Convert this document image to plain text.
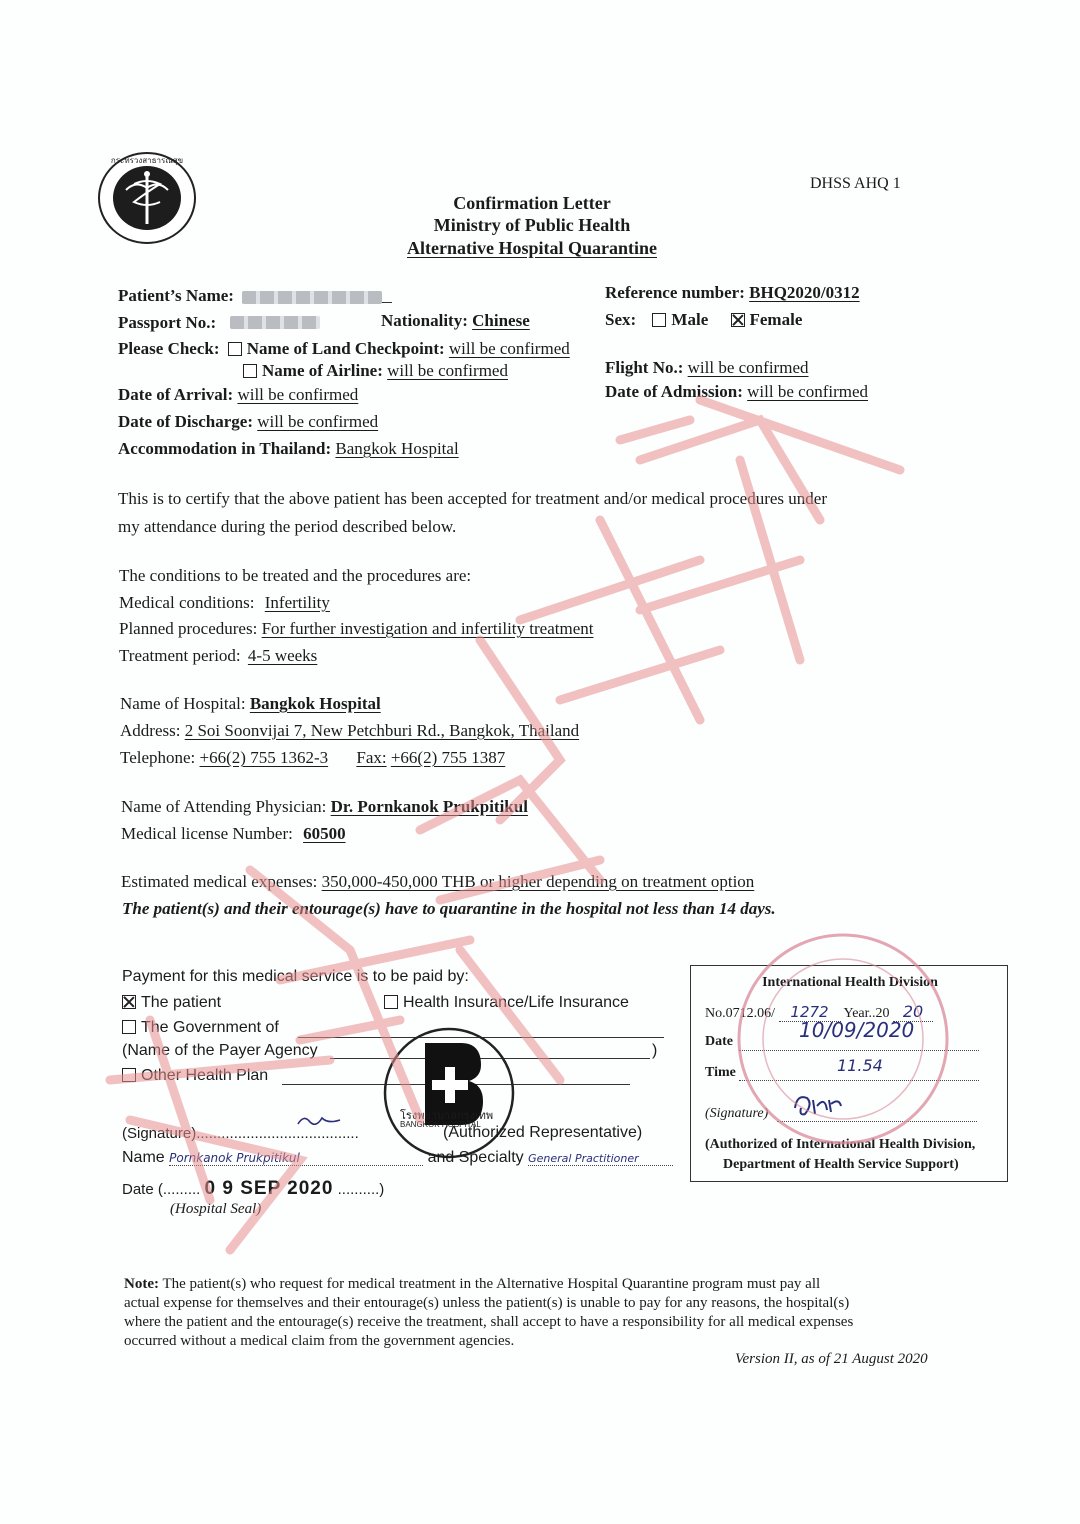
กระทรวงสาธารณสุข
DHSS AHQ 1
Confirmation Letter
Ministry of Public Health
Alternative Hospital Quarantine
Patient’s Name:
Passport No.:	Nationality: Chinese
Reference number: BHQ2020/0312
Sex: Male Female
Please Check: Name of Land Checkpoint: will be confirmed
Name of Airline: will be confirmed	Flight No.: will be confirmed
Date of Arrival: will be confirmed	Date of Admission: will be confirmed
Date of Discharge: will be confirmed
Accommodation in Thailand: Bangkok Hospital
This is to certify that the above patient has been accepted for treatment and/or medical procedures under
my attendance during the period described below.
The conditions to be treated and the procedures are:
Medical conditions: Infertility
Planned procedures: For further investigation and infertility treatment
Treatment period: 4-5 weeks
Name of Hospital: Bangkok Hospital
Address: 2 Soi Soonvijai 7, New Petchburi Rd., Bangkok, Thailand
Telephone: +66(2) 755 1362-3 Fax: +66(2) 755 1387
Name of Attending Physician: Dr. Pornkanok Prukpitikul
Medical license Number: 60500
Estimated medical expenses: 350,000-450,000 THB or higher depending on treatment option
The patient(s) and their entourage(s) have to quarantine in the hospital not less than 14 days.
Payment for this medical service is to be paid by:
The patient	Health Insurance/Life Insurance
The Government of
(Name of the Payer Agency	)
Other Health Plan
โรงพยาบาลกรุงเทพ
BANGKOK HOSPITAL
(Signature).......................................	(Authorized Representative)
Name Pornkanok Prukpitikul	and Specialty General Practitioner
Date (......... 0 9 SEP 2020 ..........)
(Hospital Seal)
International Health Division
No.0712.06/ 1272 Year..20 20
Date	10/09/2020
Time	11.54
(Signature)
(Authorized of International Health Division,
Department of Health Service Support)
Note: The patient(s) who request for medical treatment in the Alternative Hospital Quarantine program must pay all
actual expense for themselves and their entourage(s) unless the patient(s) is unable to pay for any reasons, the hospital(s)
where the patient and the entourage(s) receive the treatment, shall accept to have a responsibility for all medical expenses
occurred without a medical claim from the government agencies.
Version II, as of 21 August 2020
